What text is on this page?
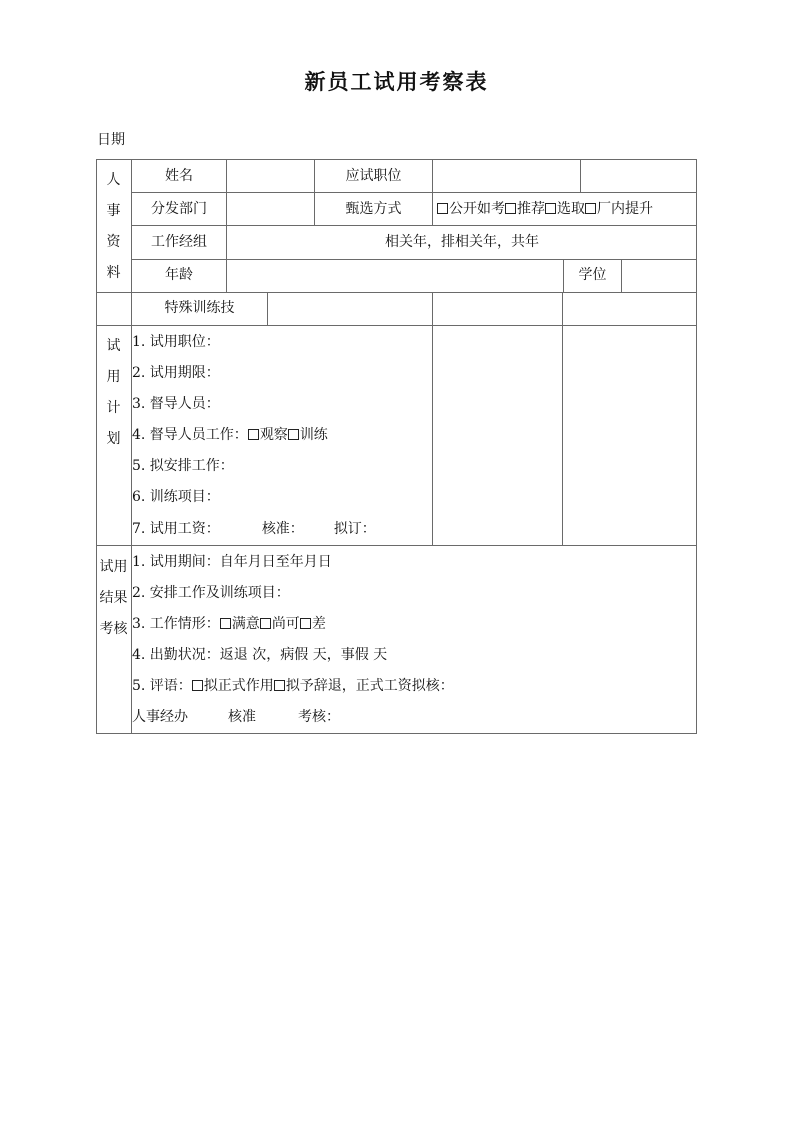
新员工试用考察表
日期
人
事
资
料
姓名	应试职位
分发部门	甄选方式	公开如考 推荐 选取 厂内提升
工作经组	相关年，排相关年，共年
年龄	学位
特殊训练技
试
用
计
划
1. 试用职位：
2. 试用期限：
3. 督导人员：
4. 督导人员工作： 观察 训练
5. 拟安排工作：
6. 训练项目：
7. 试用工资：	核准： 拟订：
试用
结果
考核
1. 试用期间：自年月日至年月日
2. 安排工作及训练项目：
3. 工作情形： 满意 尚可 差
4. 出勤状况：返退 次，病假 天，事假 天
5. 评语： 拟正式作用 拟予辞退，正式工资拟核：
人事经办	核准	考核：
